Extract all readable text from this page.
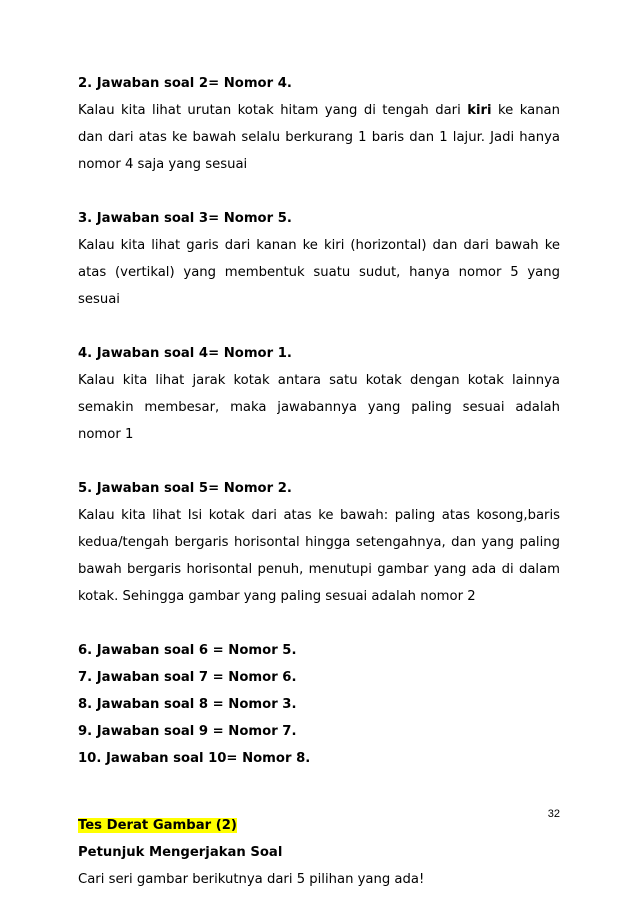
2. Jawaban soal 2= Nomor 4.

Kalau kita lihat urutan kotak hitam yang di tengah dari kiri ke kanan dan dari atas ke bawah selalu berkurang 1 baris dan 1 lajur. Jadi hanya nomor 4 saja yang sesuai

3. Jawaban soal 3= Nomor 5.

Kalau kita lihat garis dari kanan ke kiri (horizontal) dan dari bawah ke atas (vertikal) yang membentuk suatu sudut, hanya nomor 5 yang sesuai

4. Jawaban soal 4= Nomor 1.

Kalau kita lihat jarak kotak antara satu kotak dengan kotak lainnya semakin membesar, maka jawabannya yang paling sesuai adalah nomor 1

5. Jawaban soal 5= Nomor 2.

Kalau kita lihat Isi kotak dari atas ke bawah: paling atas kosong,baris kedua/tengah bergaris horisontal hingga setengahnya, dan yang paling bawah bergaris horisontal penuh, menutupi gambar yang ada di dalam kotak. Sehingga gambar yang paling sesuai adalah nomor 2

6. Jawaban soal 6 = Nomor 5.

7. Jawaban soal 7 = Nomor 6.

8. Jawaban soal 8 = Nomor 3.

9. Jawaban soal 9 = Nomor 7.

10. Jawaban soal 10= Nomor 8.

Tes Derat Gambar (2)

Petunjuk Mengerjakan Soal

Cari seri gambar berikutnya dari 5 pilihan yang ada!

32
